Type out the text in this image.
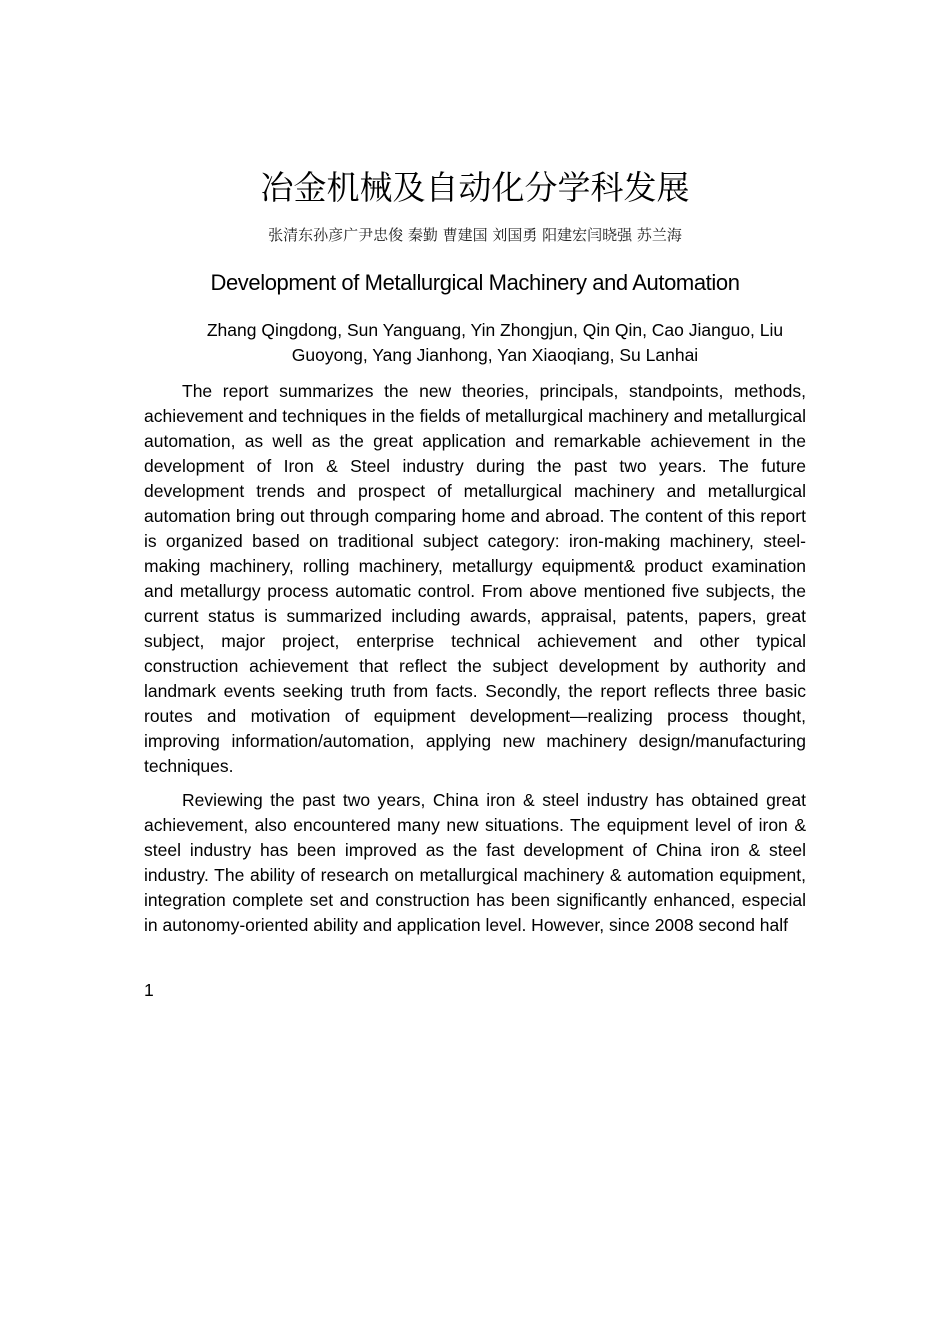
冶金机械及自动化分学科发展
张清东孙彦广尹忠俊 秦勤 曹建国 刘国勇 阳建宏闫晓强 苏兰海
Development of Metallurgical Machinery and Automation
Zhang Qingdong, Sun Yanguang, Yin Zhongjun, Qin Qin, Cao Jianguo, Liu Guoyong, Yang Jianhong, Yan Xiaoqiang, Su Lanhai

The report summarizes the new theories, principals, standpoints, methods, achievement and techniques in the fields of metallurgical machinery and metallurgical automation, as well as the great application and remarkable achievement in the development of Iron & Steel industry during the past two years. The future development trends and prospect of metallurgical machinery and metallurgical automation bring out through comparing home and abroad. The content of this report is organized based on traditional subject category: iron-making machinery, steel-making machinery, rolling machinery, metallurgy equipment& product examination and metallurgy process automatic control. From above mentioned five subjects, the current status is summarized including awards, appraisal, patents, papers, great subject, major project, enterprise technical achievement and other typical construction achievement that reflect the subject development by authority and landmark events seeking truth from facts. Secondly, the report reflects three basic routes and motivation of equipment development—realizing process thought, improving information/automation, applying new machinery design/manufacturing techniques.

Reviewing the past two years, China iron & steel industry has obtained great achievement, also encountered many new situations. The equipment level of iron & steel industry has been improved as the fast development of China iron & steel industry. The ability of research on metallurgical machinery & automation equipment, integration complete set and construction has been significantly enhanced, especial in autonomy-oriented ability and application level. However, since 2008 second half

1
